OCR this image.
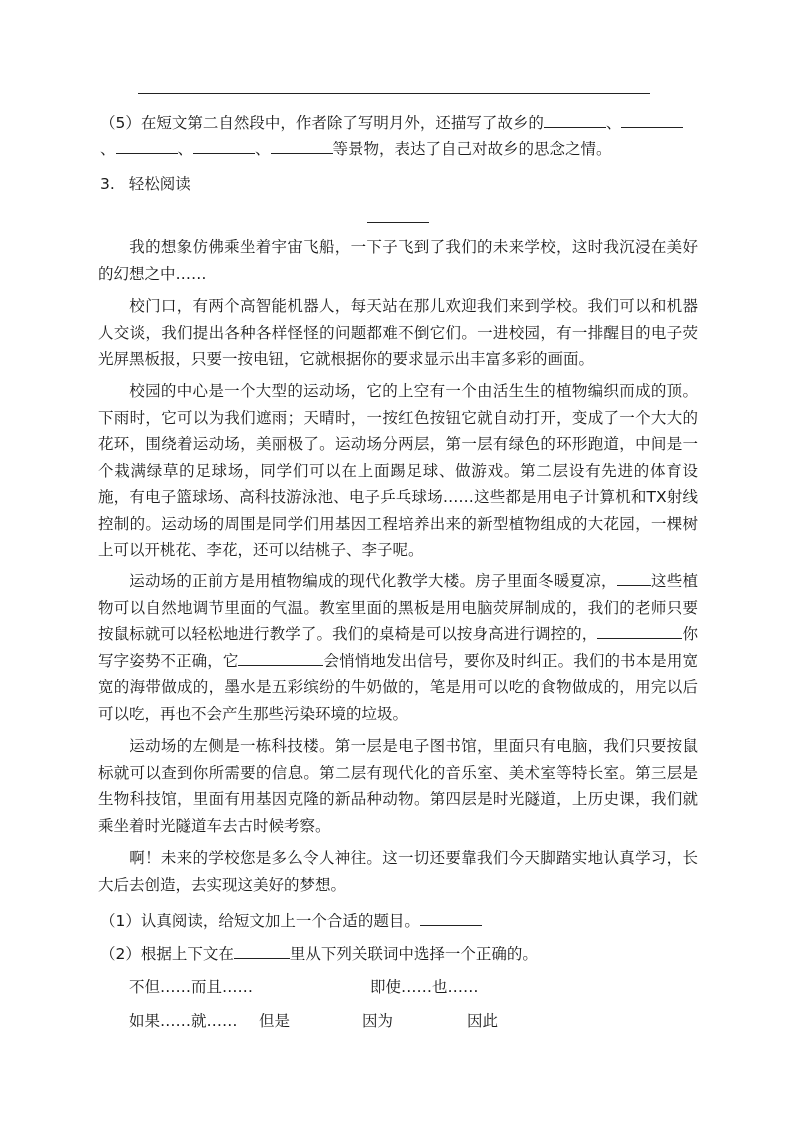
（5）在短文第二自然段中，作者除了写明月外，还描写了故乡的	、
、	、	、	等景物，表达了自己对故乡的思念之情。
3. 轻松阅读
我的想象仿佛乘坐着宇宙飞船，一下子飞到了我们的未来学校，这时我沉浸在美好的幻想之中……
校门口，有两个高智能机器人，每天站在那儿欢迎我们来到学校。我们可以和机器人交谈，我们提出各种各样怪怪的问题都难不倒它们。一进校园，有一排醒目的电子荧光屏黑板报，只要一按电钮，它就根据你的要求显示出丰富多彩的画面。
校园的中心是一个大型的运动场，它的上空有一个由活生生的植物编织而成的顶。下雨时，它可以为我们遮雨；天晴时，一按红色按钮它就自动打开，变成了一个大大的花环，围绕着运动场，美丽极了。运动场分两层，第一层有绿色的环形跑道，中间是一个栽满绿草的足球场，同学们可以在上面踢足球、做游戏。第二层设有先进的体育设施，有电子篮球场、高科技游泳池、电子乒乓球场……这些都是用电子计算机和TX射线控制的。运动场的周围是同学们用基因工程培养出来的新型植物组成的大花园，一棵树上可以开桃花、李花，还可以结桃子、李子呢。
运动场的正前方是用植物编成的现代化教学大楼。房子里面冬暖夏凉， 这些植物可以自然地调节里面的气温。教室里面的黑板是用电脑荧屏制成的，我们的老师只要按鼠标就可以轻松地进行教学了。我们的桌椅是可以按身高进行调控的，	你写字姿势不正确，它	会悄悄地发出信号，要你及时纠正。我们的书本是用宽宽的海带做成的，墨水是五彩缤纷的牛奶做的，笔是用可以吃的食物做成的，用完以后可以吃，再也不会产生那些污染环境的垃圾。
运动场的左侧是一栋科技楼。第一层是电子图书馆，里面只有电脑，我们只要按鼠标就可以查到你所需要的信息。第二层有现代化的音乐室、美术室等特长室。第三层是生物科技馆，里面有用基因克隆的新品种动物。第四层是时光隧道，上历史课，我们就乘坐着时光隧道车去古时候考察。
啊！未来的学校您是多么令人神往。这一切还要靠我们今天脚踏实地认真学习，长大后去创造，去实现这美好的梦想。
（1）认真阅读，给短文加上一个合适的题目。
（2）根据上下文在	里从下列关联词中选择一个正确的。
不但……而且……	即使……也……
如果……就…… 但是	因为	因此
